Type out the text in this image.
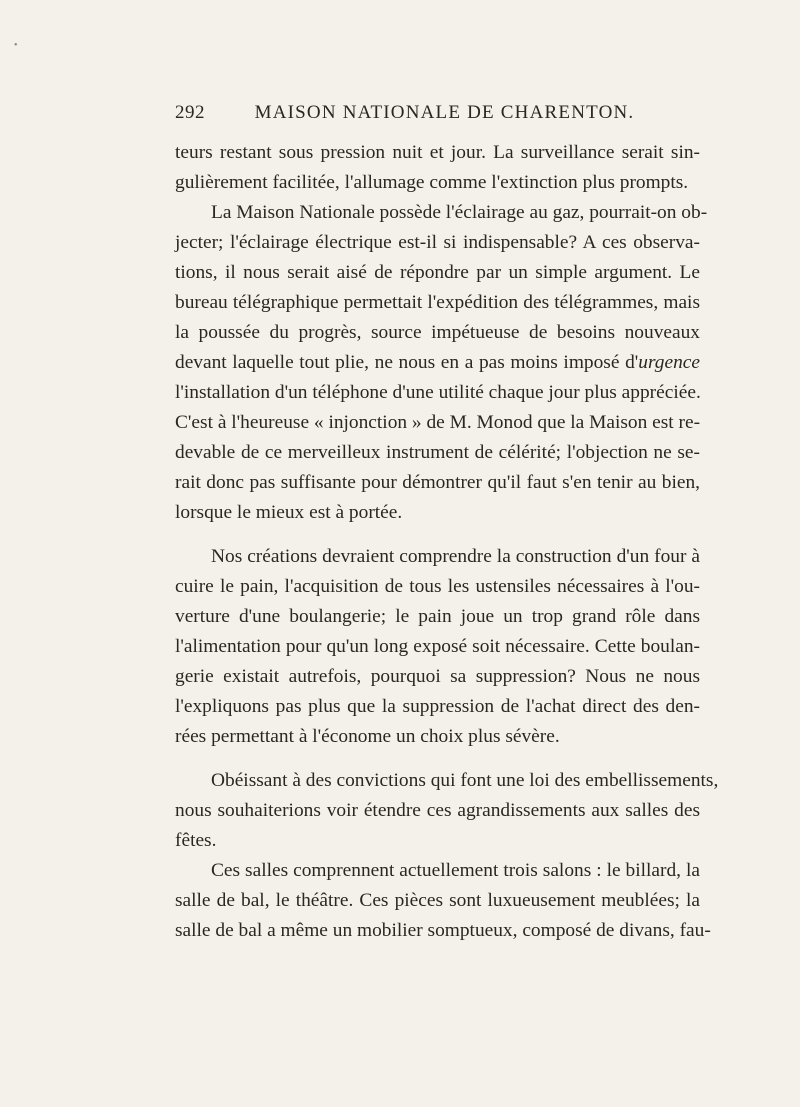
•
292	MAISON NATIONALE DE CHARENTON.
teurs restant sous pression nuit et jour. La surveillance serait sin-
gulièrement facilitée, l'allumage comme l'extinction plus prompts.
La Maison Nationale possède l'éclairage au gaz, pourrait-on ob-
jecter; l'éclairage électrique est-il si indispensable? A ces observa-
tions, il nous serait aisé de répondre par un simple argument. Le
bureau télégraphique permettait l'expédition des télégrammes, mais
la poussée du progrès, source impétueuse de besoins nouveaux
devant laquelle tout plie, ne nous en a pas moins imposé d'urgence
l'installation d'un téléphone d'une utilité chaque jour plus appréciée.
C'est à l'heureuse « injonction » de M. Monod que la Maison est re-
devable de ce merveilleux instrument de célérité; l'objection ne se-
rait donc pas suffisante pour démontrer qu'il faut s'en tenir au bien,
lorsque le mieux est à portée.
Nos créations devraient comprendre la construction d'un four à
cuire le pain, l'acquisition de tous les ustensiles nécessaires à l'ou-
verture d'une boulangerie; le pain joue un trop grand rôle dans
l'alimentation pour qu'un long exposé soit nécessaire. Cette boulan-
gerie existait autrefois, pourquoi sa suppression? Nous ne nous
l'expliquons pas plus que la suppression de l'achat direct des den-
rées permettant à l'économe un choix plus sévère.
Obéissant à des convictions qui font une loi des embellissements,
nous souhaiterions voir étendre ces agrandissements aux salles des
fêtes.
Ces salles comprennent actuellement trois salons : le billard, la
salle de bal, le théâtre. Ces pièces sont luxueusement meublées; la
salle de bal a même un mobilier somptueux, composé de divans, fau-
